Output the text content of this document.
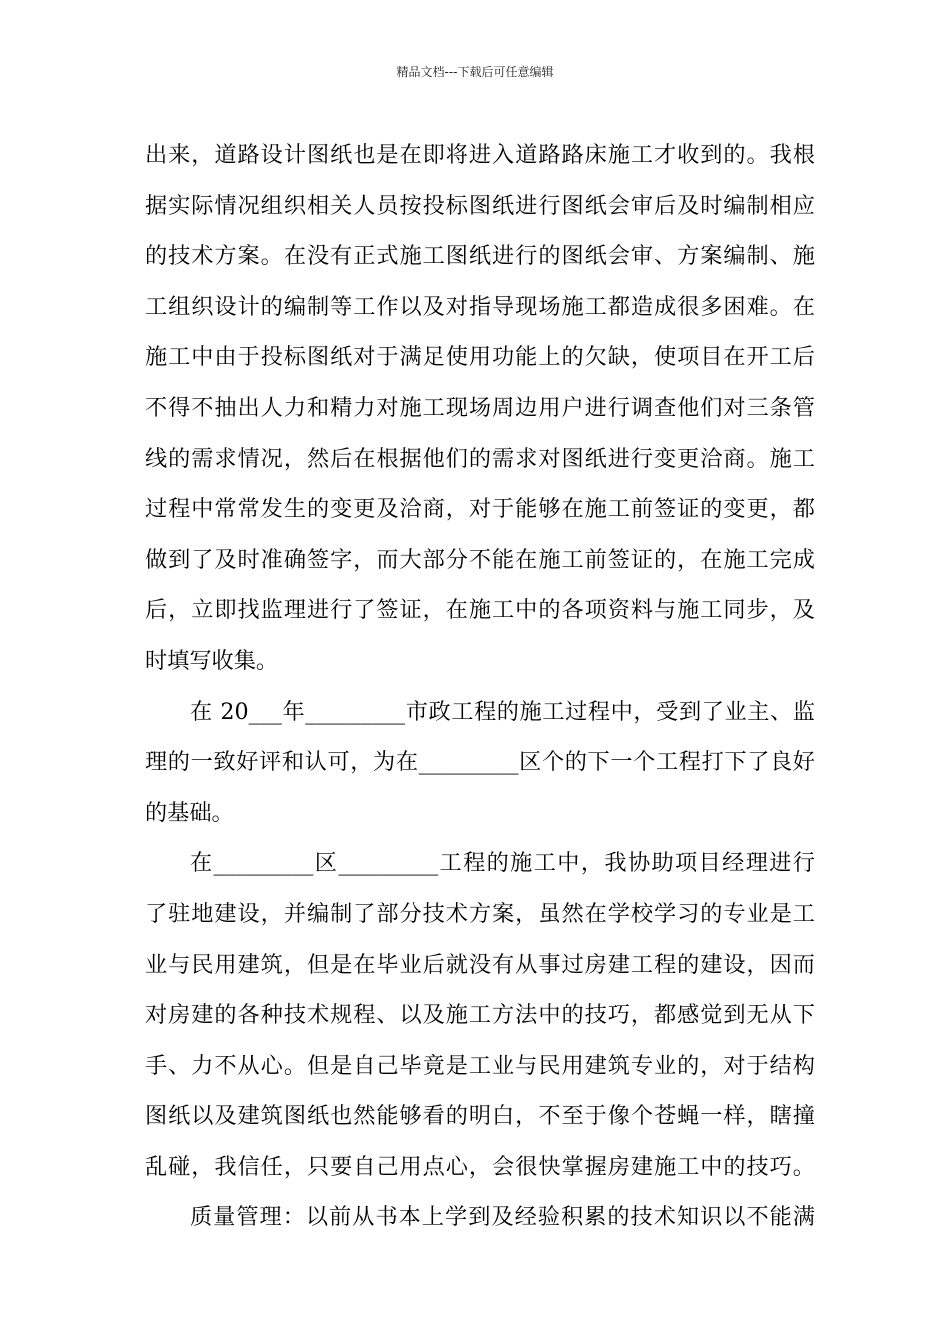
精品文档---下载后可任意编辑
出来，道路设计图纸也是在即将进入道路路床施工才收到的。我根
据实际情况组织相关人员按投标图纸进行图纸会审后及时编制相应
的技术方案。在没有正式施工图纸进行的图纸会审、方案编制、施
工组织设计的编制等工作以及对指导现场施工都造成很多困难。在
施工中由于投标图纸对于满足使用功能上的欠缺，使项目在开工后
不得不抽出人力和精力对施工现场周边用户进行调查他们对三条管
线的需求情况，然后在根据他们的需求对图纸进行变更洽商。施工
过程中常常发生的变更及洽商，对于能够在施工前签证的变更，都
做到了及时准确签字，而大部分不能在施工前签证的，在施工完成
后，立即找监理进行了签证，在施工中的各项资料与施工同步，及
时填写收集。
在 20___年_________市政工程的施工过程中，受到了业主、监
理的一致好评和认可，为在_________区个的下一个工程打下了良好
的基础。
在_________区_________工程的施工中，我协助项目经理进行
了驻地建设，并编制了部分技术方案，虽然在学校学习的专业是工
业与民用建筑，但是在毕业后就没有从事过房建工程的建设，因而
对房建的各种技术规程、以及施工方法中的技巧，都感觉到无从下
手、力不从心。但是自己毕竟是工业与民用建筑专业的，对于结构
图纸以及建筑图纸也然能够看的明白，不至于像个苍蝇一样，瞎撞
乱碰，我信任，只要自己用点心，会很快掌握房建施工中的技巧。
质量管理：以前从书本上学到及经验积累的技术知识以不能满
